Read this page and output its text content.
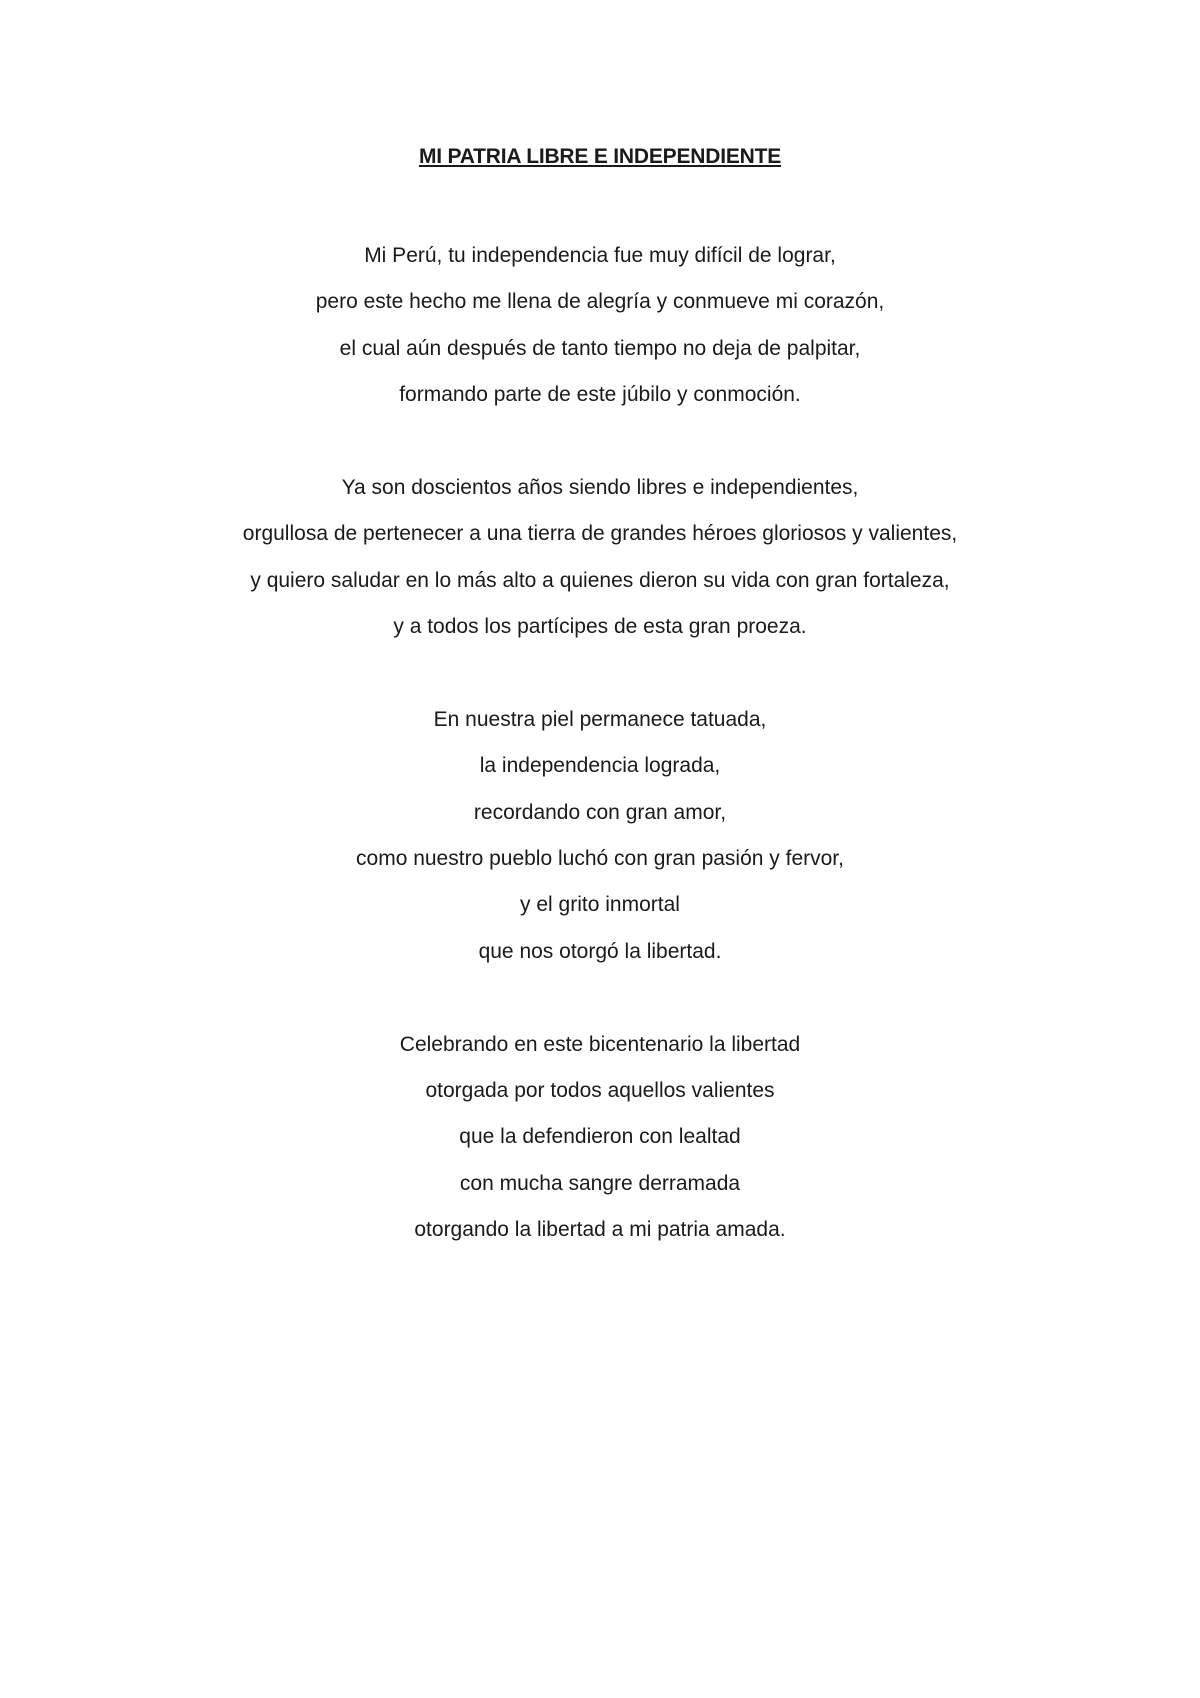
MI PATRIA LIBRE E INDEPENDIENTE
Mi Perú, tu independencia fue muy difícil de lograr,
pero este hecho me llena de alegría y conmueve mi corazón,
el cual aún después de tanto tiempo no deja de palpitar,
formando parte de este júbilo y conmoción.
Ya son doscientos años siendo libres e independientes,
orgullosa de pertenecer a una tierra de grandes héroes gloriosos y valientes,
y quiero saludar en lo más alto a quienes dieron su vida con gran fortaleza,
y a todos los partícipes de esta gran proeza.
En nuestra piel permanece tatuada,
la independencia lograda,
recordando con gran amor,
como nuestro pueblo luchó con gran pasión y fervor,
y el grito inmortal
que nos otorgó la libertad.
Celebrando en este bicentenario la libertad
otorgada por todos aquellos valientes
que la defendieron con lealtad
con mucha sangre derramada
otorgando la libertad a mi patria amada.
